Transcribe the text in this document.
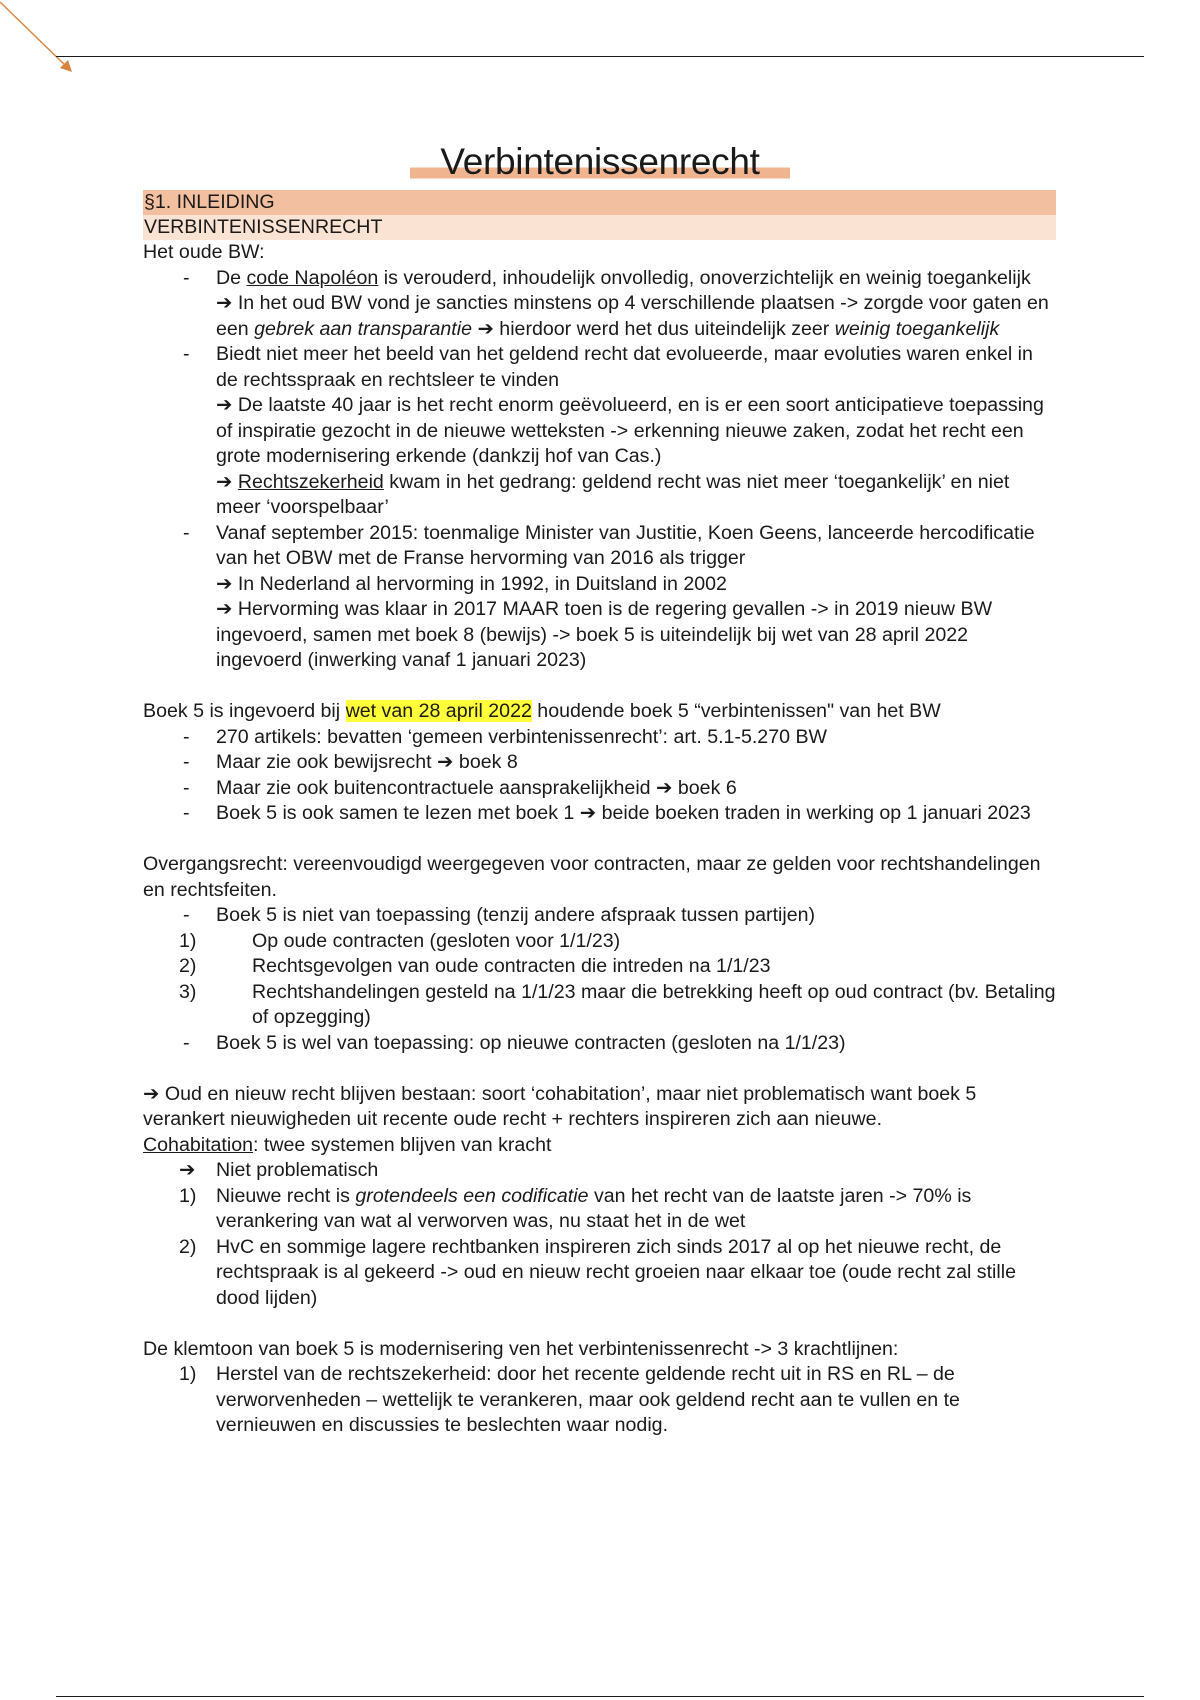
Verbintenissenrecht
§1. INLEIDING
VERBINTENISSENRECHT

Het oude BW:

- De code Napoléon is verouderd, inhoudelijk onvolledig, onoverzichtelijk en weinig toegankelijk
➔ In het oud BW vond je sancties minstens op 4 verschillende plaatsen -> zorgde voor gaten en een gebrek aan transparantie ➔ hierdoor werd het dus uiteindelijk zeer weinig toegankelijk
- Biedt niet meer het beeld van het geldend recht dat evolueerde, maar evoluties waren enkel in de rechtsspraak en rechtsleer te vinden
➔ De laatste 40 jaar is het recht enorm geëvolueerd, en is er een soort anticipatieve toepassing of inspiratie gezocht in de nieuwe wetteksten -> erkenning nieuwe zaken, zodat het recht een grote modernisering erkende (dankzij hof van Cas.)
➔ Rechtszekerheid kwam in het gedrang: geldend recht was niet meer ‘toegankelijk’ en niet meer ‘voorspelbaar’
- Vanaf september 2015: toenmalige Minister van Justitie, Koen Geens, lanceerde hercodificatie van het OBW met de Franse hervorming van 2016 als trigger
➔ In Nederland al hervorming in 1992, in Duitsland in 2002
➔ Hervorming was klaar in 2017 MAAR toen is de regering gevallen -> in 2019 nieuw BW ingevoerd, samen met boek 8 (bewijs) -> boek 5 is uiteindelijk bij wet van 28 april 2022 ingevoerd (inwerking vanaf 1 januari 2023)

Boek 5 is ingevoerd bij wet van 28 april 2022 houdende boek 5 “verbintenissen" van het BW

- 270 artikels: bevatten ‘gemeen verbintenissenrecht’: art. 5.1-5.270 BW
- Maar zie ook bewijsrecht ➔ boek 8
- Maar zie ook buitencontractuele aansprakelijkheid ➔ boek 6
- Boek 5 is ook samen te lezen met boek 1 ➔ beide boeken traden in werking op 1 januari 2023

Overgangsrecht: vereenvoudigd weergegeven voor contracten, maar ze gelden voor rechtshandelingen en rechtsfeiten.

- Boek 5 is niet van toepassing (tenzij andere afspraak tussen partijen)
1)	Op oude contracten (gesloten voor 1/1/23)
2)	Rechtsgevolgen van oude contracten die intreden na 1/1/23
3)	Rechtshandelingen gesteld na 1/1/23 maar die betrekking heeft op oud contract (bv. Betaling of opzegging)
- Boek 5 is wel van toepassing: op nieuwe contracten (gesloten na 1/1/23)

➔ Oud en nieuw recht blijven bestaan: soort ‘cohabitation’, maar niet problematisch want boek 5 verankert nieuwigheden uit recente oude recht + rechters inspireren zich aan nieuwe.

Cohabitation: twee systemen blijven van kracht

➔ Niet problematisch
1) Nieuwe recht is grotendeels een codificatie van het recht van de laatste jaren -> 70% is verankering van wat al verworven was, nu staat het in de wet
2) HvC en sommige lagere rechtbanken inspireren zich sinds 2017 al op het nieuwe recht, de rechtspraak is al gekeerd -> oud en nieuw recht groeien naar elkaar toe (oude recht zal stille dood lijden)

De klemtoon van boek 5 is modernisering ven het verbintenissenrecht -> 3 krachtlijnen:

1) Herstel van de rechtszekerheid: door het recente geldende recht uit in RS en RL – de verworvenheden – wettelijk te verankeren, maar ook geldend recht aan te vullen en te vernieuwen en discussies te beslechten waar nodig.
